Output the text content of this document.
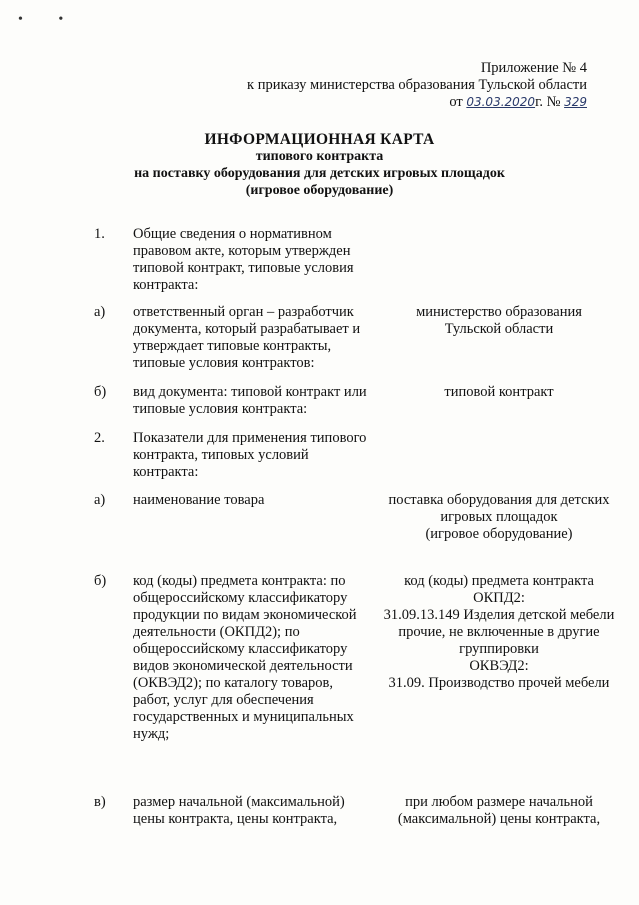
• •
Приложение № 4
к приказу министерства образования Тульской области
от 03.03.2020г. № 329
ИНФОРМАЦИОННАЯ КАРТА
типового контракта
на поставку оборудования для детских игровых площадок
(игровое оборудование)
1. Общие сведения о нормативном правовом акте, которым утвержден типовой контракт, типовые условия контракта:
а) ответственный орган – разработчик документа, который разрабатывает и утверждает типовые контракты, типовые условия контрактов:
министерство образования
Тульской области
б) вид документа: типовой контракт или типовые условия контракта:
типовой контракт
2. Показатели для применения типового контракта, типовых условий контракта:
а) наименование товара	поставка оборудования для детских
игровых площадок
(игровое оборудование)
б) код (коды) предмета контракта: по общероссийскому классификатору продукции по видам экономической деятельности (ОКПД2); по общероссийскому классификатору видов экономической деятельности (ОКВЭД2); по каталогу товаров, работ, услуг для обеспечения государственных и муниципальных нужд;
код (коды) предмета контракта
ОКПД2:
31.09.13.149 Изделия детской мебели
прочие, не включенные в другие
группировки
ОКВЭД2:
31.09. Производство прочей мебели
в) размер начальной (максимальной) цены контракта, цены контракта,
при любом размере начальной
(максимальной) цены контракта,
